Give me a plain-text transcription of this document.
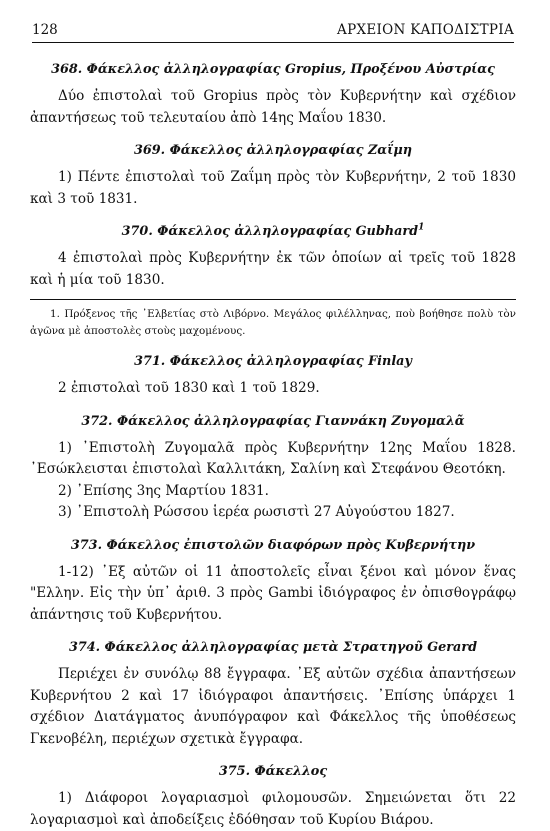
128	ΑΡΧΕΙΟΝ ΚΑΠΟΔΙΣΤΡΙΑ
368. Φάκελλος ἀλληλογραφίας Gropius, Προξένου Αὐστρίας

Δύο ἐπιστολαὶ τοῦ Gropius πρὸς τὸν Κυβερνήτην καὶ σχέδιον ἀπαντήσεως τοῦ τελευταίου ἀπὸ 14ης Μαΐου 1830.

369. Φάκελλος ἀλληλογραφίας Ζαΐμη

1) Πέντε ἐπιστολαὶ τοῦ Ζαΐμη πρὸς τὸν Κυβερνήτην, 2 τοῦ 1830 καὶ 3 τοῦ 1831.

370. Φάκελλος ἀλληλογραφίας Gubhard$^1$

4 ἐπιστολαὶ πρὸς Κυβερνήτην ἐκ τῶν ὁποίων αἱ τρεῖς τοῦ 1828 καὶ ἡ μία τοῦ 1830.

1. Πρόξενος τῆς ᾿Ελβετίας στὸ Λιβόρνο. Μεγάλος φιλέλληνας, ποὺ βοήθησε πολὺ τὸν ἀγῶνα μὲ ἀποστολὲς στοὺς μαχομένους.

371. Φάκελλος ἀλληλογραφίας Finlay

2 ἐπιστολαὶ τοῦ 1830 καὶ 1 τοῦ 1829.

372. Φάκελλος ἀλληλογραφίας Γιαννάκη Ζυγομαλᾶ
1) ᾿Επιστολὴ Ζυγομαλᾶ πρὸς Κυβερνήτην 12ης Μαΐου 1828. ᾿Εσώκλεισται ἐπιστολαὶ Καλλιτάκη, Σαλίνη καὶ Στεφάνου Θεοτόκη.
2) ᾿Επίσης 3ης Μαρτίου 1831.
3) ᾿Επιστολὴ Ρώσσου ἱερέα ρωσιστὶ 27 Αὐγούστου 1827.
373. Φάκελλος ἐπιστολῶν διαφόρων πρὸς Κυβερνήτην

1-12) ᾿Εξ αὐτῶν οἱ 11 ἀποστολεῖς εἶναι ξένοι καὶ μόνον ἕνας "Ελλην. Εἰς τὴν ὑπ᾿ ἀριθ. 3 πρὸς Gambi ἰδιόγραφος ἐν ὀπισθογράφῳ ἀπάντησις τοῦ Κυβερνήτου.

374. Φάκελλος ἀλληλογραφίας μετὰ Στρατηγοῦ Gerard

Περιέχει ἐν συνόλῳ 88 ἔγγραφα. ᾿Εξ αὐτῶν σχέδια ἀπαντήσεων Κυβερνήτου 2 καὶ 17 ἰδιόγραφοι ἀπαντήσεις. ᾿Επίσης ὑπάρχει 1 σχέδιον Διατάγματος ἀνυπόγραφον καὶ Φάκελλος τῆς ὑποθέσεως Γκενοβέλη, περιέχων σχετικὰ ἔγγραφα.

375. Φάκελλος

1) Διάφοροι λογαριασμοὶ φιλομουσῶν. Σημειώνεται ὅτι 22 λογαριασμοὶ καὶ ἀποδείξεις ἐδόθησαν τοῦ Κυρίου Βιάρου.
